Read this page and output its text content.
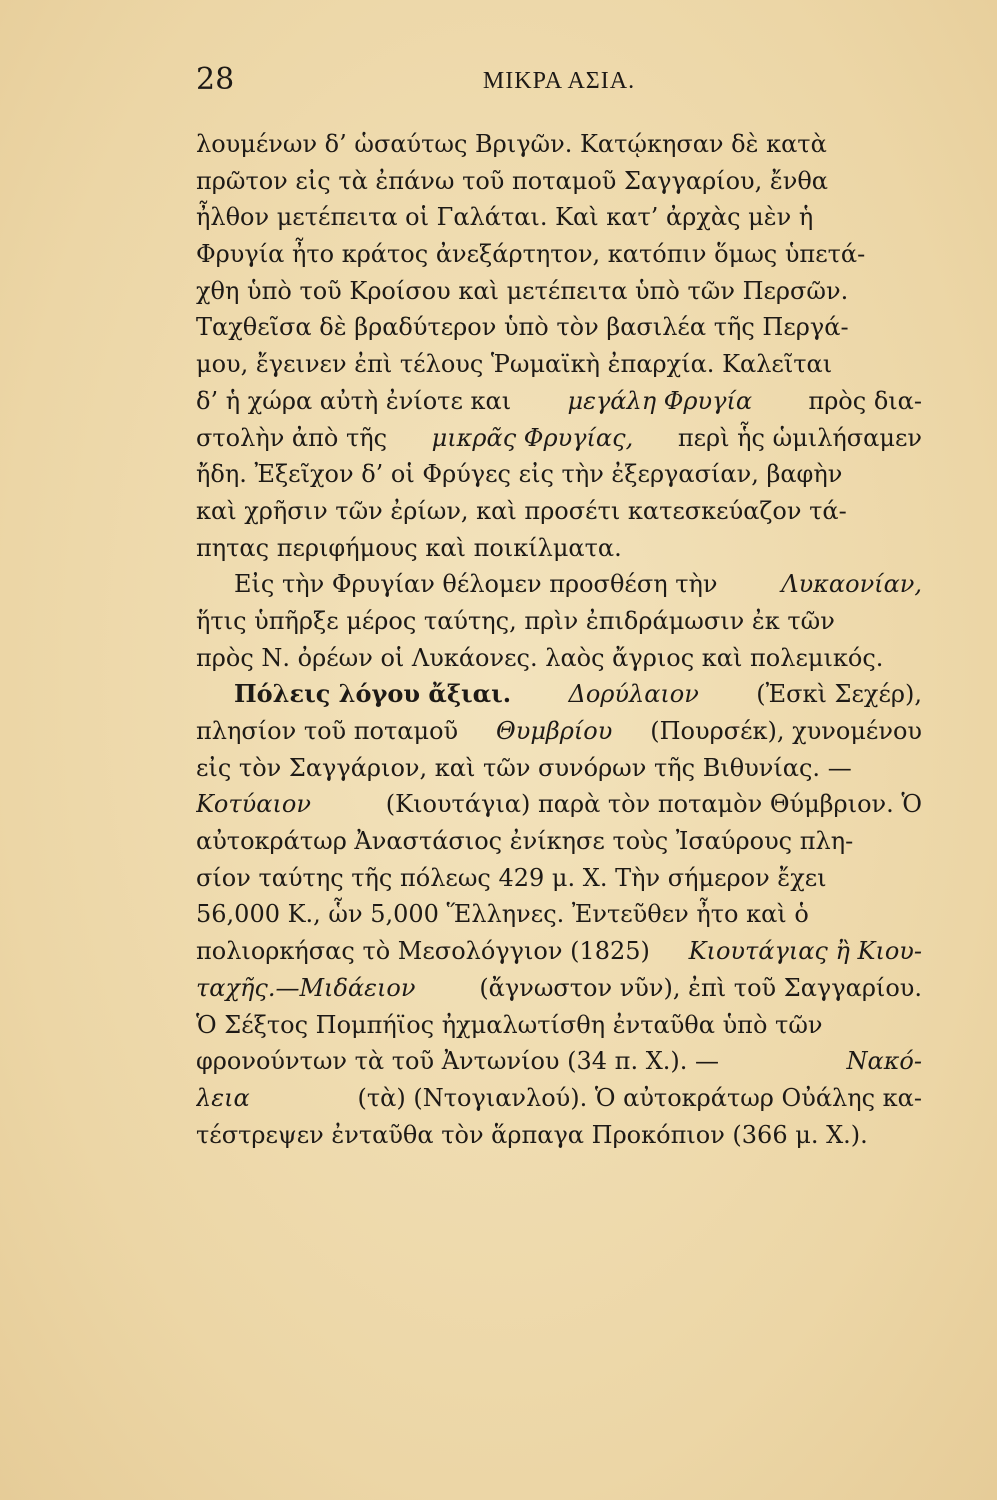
28	ΜΙΚΡΑ ΑΣΙΑ.
λουμένων δ’ ὡσαύτως Βριγῶν. Κατῴκησαν δὲ κατὰ
πρῶτον εἰς τὰ ἐπάνω τοῦ ποταμοῦ Σαγγαρίου, ἔνθα
ἦλθον μετέπειτα οἱ Γαλάται. Καὶ κατ’ ἀρχὰς μὲν ἡ
Φρυγία ἦτο κράτος ἀνεξάρτητον, κατόπιν ὅμως ὑπετά-
χθη ὑπὸ τοῦ Κροίσου καὶ μετέπειτα ὑπὸ τῶν Περσῶν.
Ταχθεῖσα δὲ βραδύτερον ὑπὸ τὸν βασιλέα τῆς Περγά-
μου, ἔγεινεν ἐπὶ τέλους Ῥωμαϊκὴ ἐπαρχία. Καλεῖται
δ’ ἡ χώρα αὐτὴ ἐνίοτε και μεγάλη Φρυγία πρὸς δια-
στολὴν ἀπὸ τῆς μικρᾶς Φρυγίας, περὶ ἧς ὡμιλήσαμεν
ἤδη. Ἐξεῖχον δ’ οἱ Φρύγες εἰς τὴν ἐξεργασίαν, βαφὴν
καὶ χρῆσιν τῶν ἐρίων, καὶ προσέτι κατεσκεύαζον τά-
πητας περιφήμους καὶ ποικίλματα.
Εἰς τὴν Φρυγίαν θέλομεν προσθέση τὴν	Λυκαονίαν,
ἥτις ὑπῆρξε μέρος ταύτης, πρὶν ἐπιδράμωσιν ἐκ τῶν
πρὸς Ν. ὀρέων οἱ Λυκάονες. λαὸς ἄγριος καὶ πολεμικός.
Πόλεις λόγου ἄξιαι. Δορύλαιον (Ἐσκὶ Σεχέρ),
πλησίον τοῦ ποταμοῦ Θυμβρίου (Πουρσέκ), χυνομένου
εἰς τὸν Σαγγάριον, καὶ τῶν συνόρων τῆς Βιθυνίας. —
Κοτύαιον	(Κιουτάγια) παρὰ τὸν ποταμὸν Θύμβριον. Ὁ
αὐτοκράτωρ Ἀναστάσιος ἐνίκησε τοὺς Ἰσαύρους πλη-
σίον ταύτης τῆς πόλεως 429 μ. Χ. Τὴν σήμερον ἔχει
56,000 Κ., ὧν 5,000 Ἕλληνες. Ἐντεῦθεν ἦτο καὶ ὁ
πολιορκήσας τὸ Μεσολόγγιον (1825) Κιουτάγιας ἢ Κιου-
ταχῆς.—Μιδάειον	(ἄγνωστον νῦν), ἐπὶ τοῦ Σαγγαρίου.
Ὁ Σέξτος Πομπήϊος ἠχμαλωτίσθη ἐνταῦθα ὑπὸ τῶν
φρονούντων τὰ τοῦ Ἀντωνίου (34 π. Χ.). —	Νακό-
λεια	(τὰ) (Ντογιανλού). Ὁ αὐτοκράτωρ Οὐάλης κα-
τέστρεψεν ἐνταῦθα τὸν ἅρπαγα Προκόπιον (366 μ. Χ.).
